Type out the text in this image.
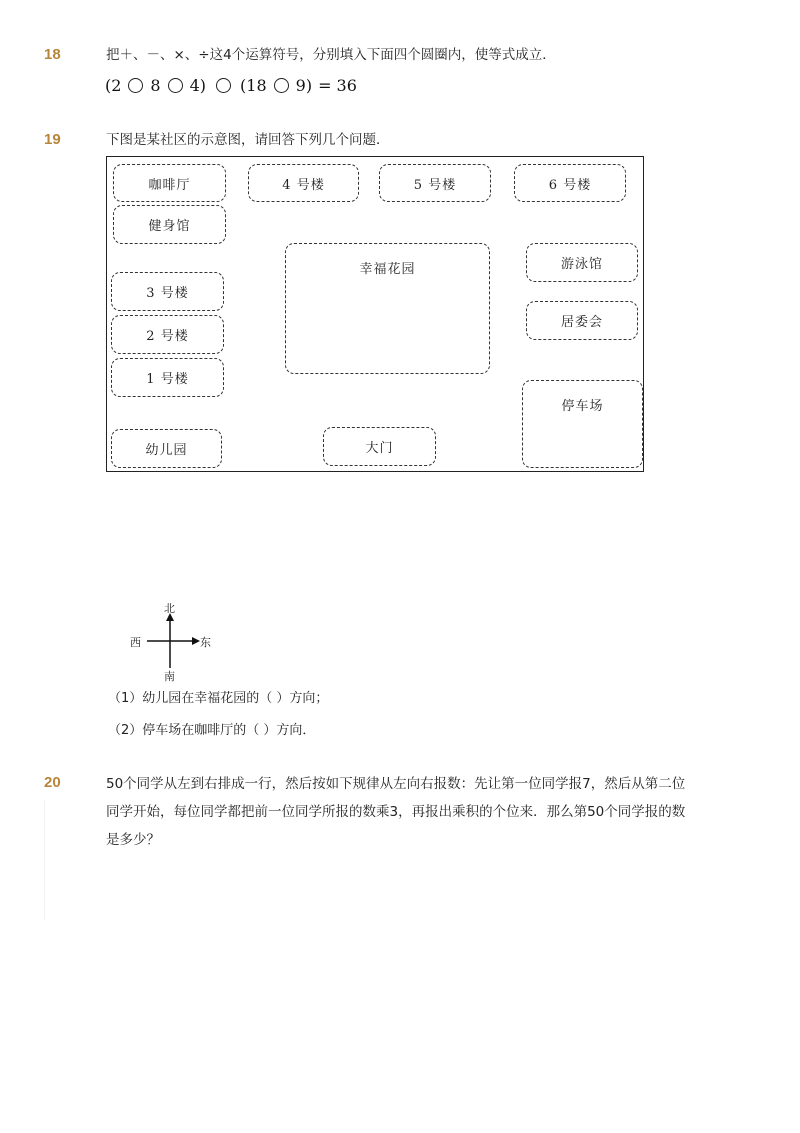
18	把＋、－、×、÷这4个运算符号，分别填入下面四个圆圈内，使等式成立．
(2 8 4) (18 9) = 36
19	下图是某社区的示意图，请回答下列几个问题．
咖啡厅	4 号楼	5 号楼	6 号楼
健身馆
幸福花园	游泳馆
3 号楼
居委会
2 号楼
1 号楼
停车场
幼儿园	大门
北
南
西	东
（1）幼儿园在幸福花园的（ ）方向；
（2）停车场在咖啡厅的（ ）方向．
20	50个同学从左到右排成一行，然后按如下规律从左向右报数：先让第一位同学报7，然后从第二位
同学开始，每位同学都把前一位同学所报的数乘3，再报出乘积的个位来．那么第50个同学报的数
是多少？
